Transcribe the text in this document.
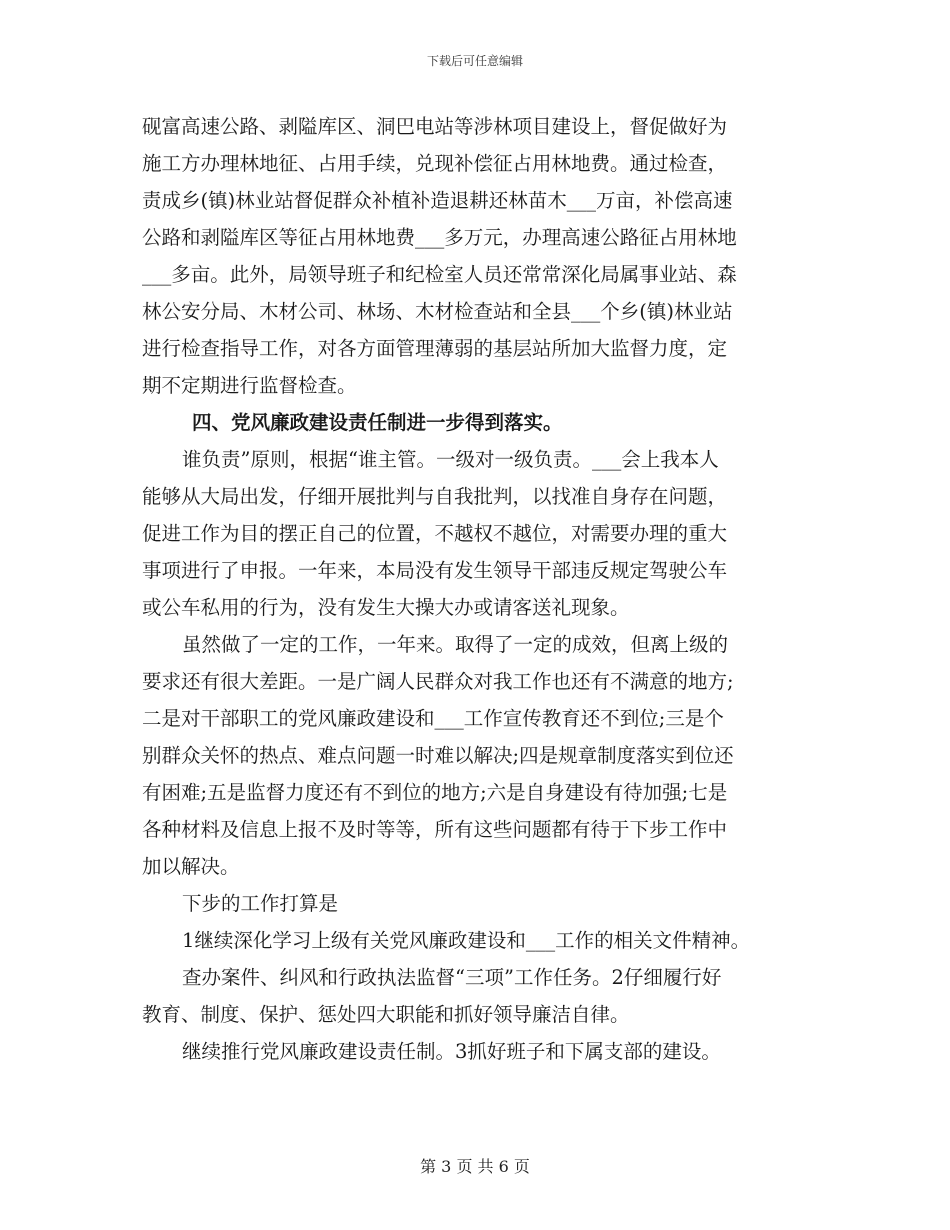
下载后可任意编辑
砚富高速公路、剥隘库区、洞巴电站等涉林项目建设上，督促做好为
施工方办理林地征、占用手续，兑现补偿征占用林地费。通过检查，
责成乡(镇)林业站督促群众补植补造退耕还林苗木___万亩，补偿高速
公路和剥隘库区等征占用林地费___多万元，办理高速公路征占用林地
___多亩。此外，局领导班子和纪检室人员还常常深化局属事业站、森
林公安分局、木材公司、林场、木材检查站和全县___个乡(镇)林业站
进行检查指导工作，对各方面管理薄弱的基层站所加大监督力度，定
期不定期进行监督检查。
四、党风廉政建设责任制进一步得到落实。
谁负责”原则，根据“谁主管。一级对一级负责。___会上我本人
能够从大局出发，仔细开展批判与自我批判，以找准自身存在问题，
促进工作为目的摆正自己的位置，不越权不越位，对需要办理的重大
事项进行了申报。一年来，本局没有发生领导干部违反规定驾驶公车
或公车私用的行为，没有发生大操大办或请客送礼现象。
虽然做了一定的工作，一年来。取得了一定的成效，但离上级的
要求还有很大差距。一是广阔人民群众对我工作也还有不满意的地方;
二是对干部职工的党风廉政建设和___工作宣传教育还不到位;三是个
别群众关怀的热点、难点问题一时难以解决;四是规章制度落实到位还
有困难;五是监督力度还有不到位的地方;六是自身建设有待加强;七是
各种材料及信息上报不及时等等，所有这些问题都有待于下步工作中
加以解决。
下步的工作打算是
1继续深化学习上级有关党风廉政建设和___工作的相关文件精神。
查办案件、纠风和行政执法监督“三项”工作任务。2仔细履行好
教育、制度、保护、惩处四大职能和抓好领导廉洁自律。
继续推行党风廉政建设责任制。3抓好班子和下属支部的建设。
第 3 页 共 6 页
